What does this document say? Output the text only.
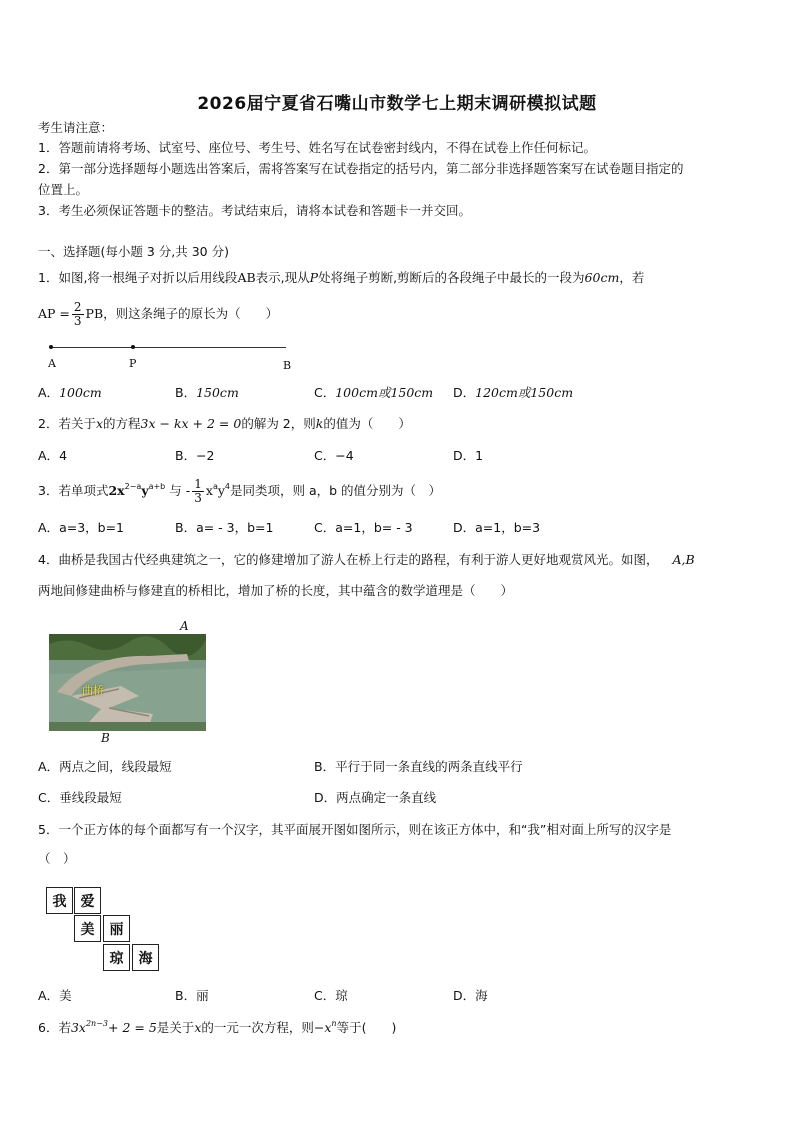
2026届宁夏省石嘴山市数学七上期末调研模拟试题
考生请注意：
1．答题前请将考场、试室号、座位号、考生号、姓名写在试卷密封线内，不得在试卷上作任何标记。
2．第一部分选择题每小题选出答案后，需将答案写在试卷指定的括号内，第二部分非选择题答案写在试卷题目指定的
位置上。
3．考生必须保证答题卡的整洁。考试结束后，请将本试卷和答题卡一并交回。
一、选择题(每小题 3 分,共 30 分)
1．如图,将一根绳子对折以后用线段AB表示,现从P处将绳子剪断,剪断后的各段绳子中最长的一段为60cm，若
AP = $\frac{2}{3}$ PB，则这条绳子的原长为（　　）
A	P	B
A．100cm	B．150cm	C．100cm或150cm D．120cm或150cm
2．若关于x的方程3x − kx + 2 = 0的解为 2，则k的值为（　　）
A．4	B．−2	C．−4	D．1
3．若单项式$2x^{2-a}y^{a+b}$ 与 - $\frac{1}{3} x^ay^4$是同类项，则 a，b 的值分别为（　）
A．a=3，b=1	B．a= - 3，b=1	C．a=1，b= - 3	D．a=1，b=3
4．曲桥是我国古代经典建筑之一，它的修建增加了游人在桥上行走的路程，有利于游人更好地观赏风光。如图， A,B
两地间修建曲桥与修建直的桥相比，增加了桥的长度，其中蕴含的数学道理是（　　）
A
曲桥
B
A．两点之间，线段最短	B．平行于同一条直线的两条直线平行
C．垂线段最短	D．两点确定一条直线
5．一个正方体的每个面都写有一个汉字，其平面展开图如图所示，则在该正方体中，和“我”相对面上所写的汉字是
（　）
我	爱
美	丽
琼	海
A．美	B．丽	C．琼	D．海
6．若$3x^{2n-3}+ 2 = 5$是关于x的一元一次方程，则$-x^n$等于(　　)
